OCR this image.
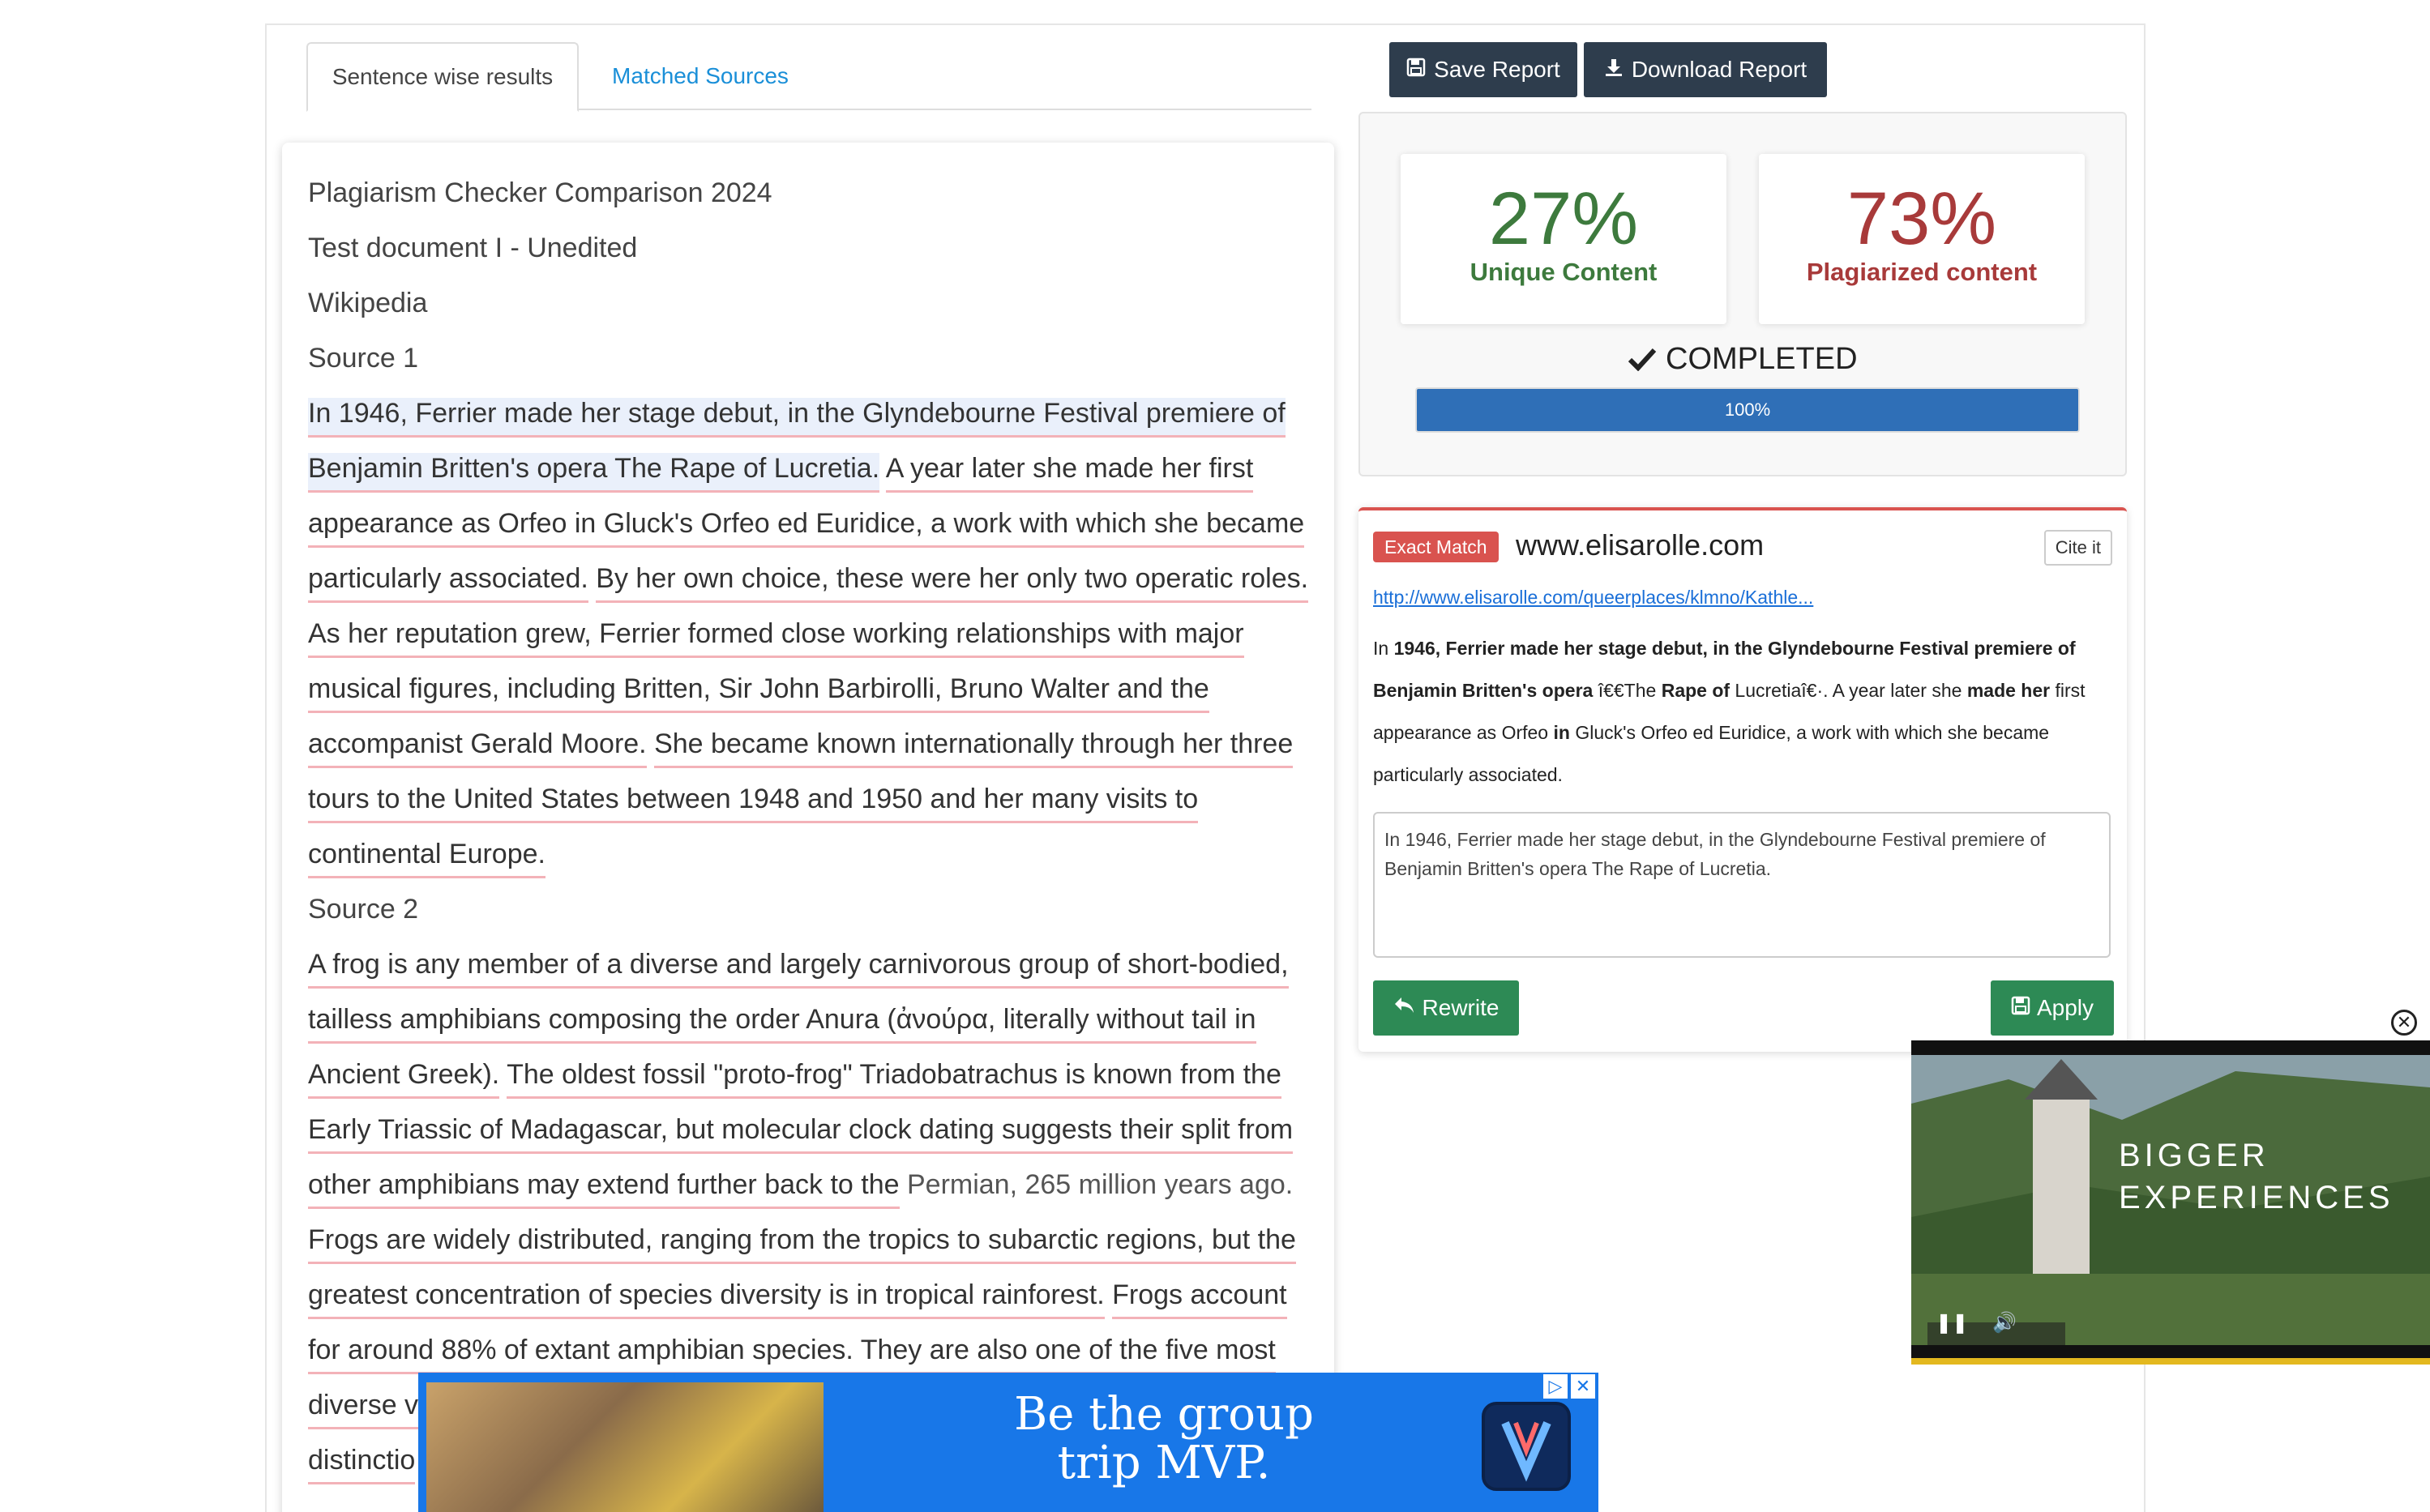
Sentence wise results	Matched Sources	Save Report	Download Report
Plagiarism Checker Comparison 2024
Test document I - Unedited
Wikipedia
Source 1
In 1946, Ferrier made her stage debut, in the Glyndebourne Festival premiere of
Benjamin Britten's opera The Rape of Lucretia. A year later she made her first
appearance as Orfeo in Gluck's Orfeo ed Euridice, a work with which she became
particularly associated. By her own choice, these were her only two operatic roles.
As her reputation grew, Ferrier formed close working relationships with major
musical figures, including Britten, Sir John Barbirolli, Bruno Walter and the
accompanist Gerald Moore. She became known internationally through her three
tours to the United States between 1948 and 1950 and her many visits to
continental Europe.
Source 2
A frog is any member of a diverse and largely carnivorous group of short-bodied,
tailless amphibians composing the order Anura (ἀνούρα, literally without tail in
Ancient Greek). The oldest fossil "proto-frog" Triadobatrachus is known from the
Early Triassic of Madagascar, but molecular clock dating suggests their split from
other amphibians may extend further back to the Permian, 265 million years ago.
Frogs are widely distributed, ranging from the tropics to subarctic regions, but the
greatest concentration of species diversity is in tropical rainforest. Frogs account
for around 88% of extant amphibian species. They are also one of the five most
diverse v
distinctio
27%
Unique Content
73%
Plagiarized content
COMPLETED
100%
Exact Match www.elisarolle.com	Cite it
http://www.elisarolle.com/queerplaces/klmno/Kathle...
In 1946, Ferrier made her stage debut, in the Glyndebourne Festival premiere of
Benjamin Britten's opera î€€The Rape of Lucretiaî€·. A year later she made her first
appearance as Orfeo in Gluck's Orfeo ed Euridice, a work with which she became
particularly associated.
In 1946, Ferrier made her stage debut, in the Glyndebourne Festival premiere of Benjamin Britten's opera The Rape of Lucretia.
Rewrite	Apply
✕
BIGGER
EXPERIENCES
❚❚ 🔊
Be the group
trip MVP.
▷ ✕
